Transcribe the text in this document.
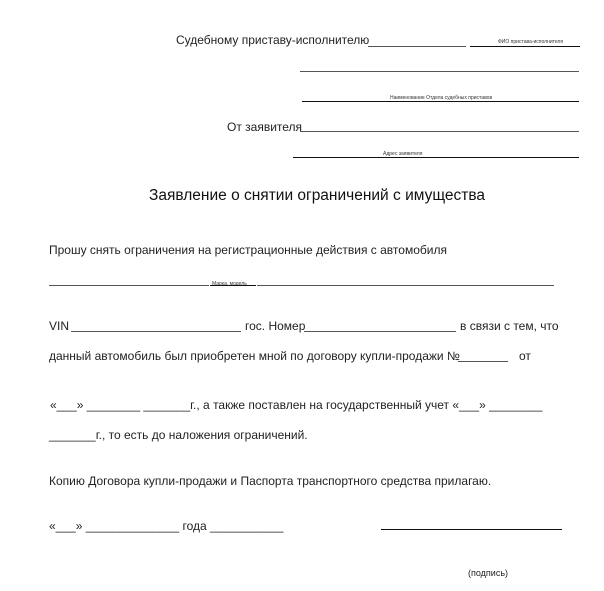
Судебному приставу-исполнителю	ФИО пристава-исполнителя
Наименование Отдела судебных приставов
От заявителя
Адрес заявителя
Заявление о снятии ограничений с имущества
Прошу снять ограничения на регистрационные действия с автомобиля
Марка, модель
VIN	гос. Номер	в связи с тем, что
данный автомобиль был приобретен мной по договору купли-продажи №	от
«___» ________ _______г., а также поставлен на государственный учет «___» ________
_______г., то есть до наложения ограничений.
Копию Договора купли-продажи и Паспорта транспортного средства прилагаю.
«___» ______________ года ___________
(подпись)
